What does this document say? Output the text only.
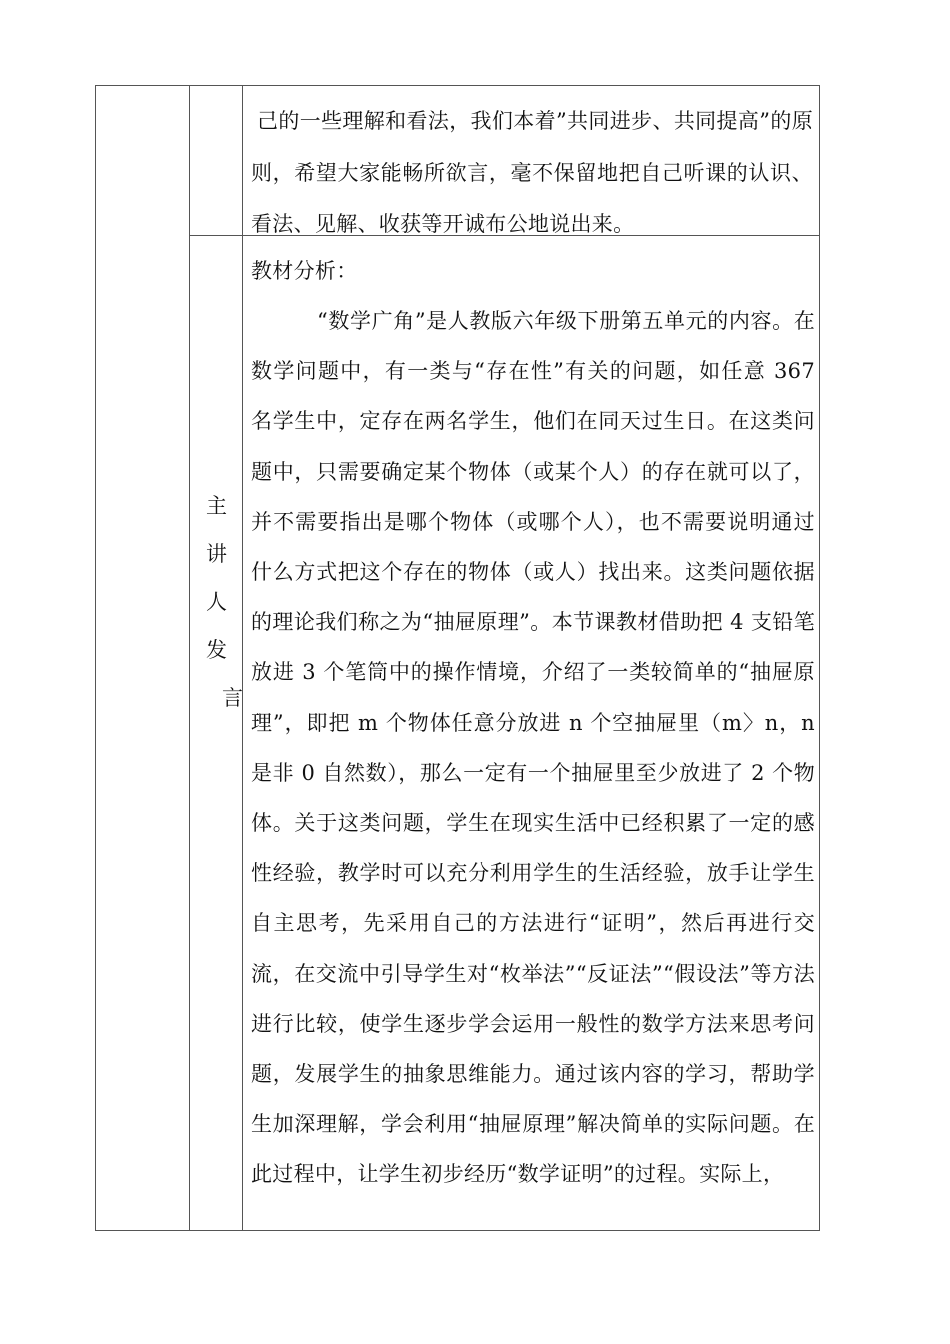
己的一些理解和看法，我们本着”共同进步、共同提高”的原则，希望大家能畅所欲言，毫不保留地把自己听课的认识、看法、见解、收获等开诚布公地说出来。
主
讲
人
发
言
教材分析：
“数学广角”是人教版六年级下册第五单元的内容。在数学问题中，有一类与“存在性”有关的问题，如任意 367 名学生中，定存在两名学生，他们在同天过生日。在这类问题中，只需要确定某个物体（或某个人）的存在就可以了，并不需要指出是哪个物体（或哪个人），也不需要说明通过什么方式把这个存在的物体（或人）找出来。这类问题依据的理论我们称之为“抽屉原理”。本节课教材借助把 4 支铅笔放进 3 个笔筒中的操作情境，介绍了一类较简单的“抽屉原理”，即把 m 个物体任意分放进 n 个空抽屉里（m〉n，n 是非 0 自然数），那么一定有一个抽屉里至少放进了 2 个物体。关于这类问题，学生在现实生活中已经积累了一定的感性经验，教学时可以充分利用学生的生活经验，放手让学生自主思考，先采用自己的方法进行“证明”，然后再进行交流，在交流中引导学生对“枚举法”“反证法”“假设法”等方法进行比较，使学生逐步学会运用一般性的数学方法来思考问题，发展学生的抽象思维能力。通过该内容的学习，帮助学生加深理解，学会利用“抽屉原理”解决简单的实际问题。在此过程中，让学生初步经历“数学证明”的过程。实际上，
